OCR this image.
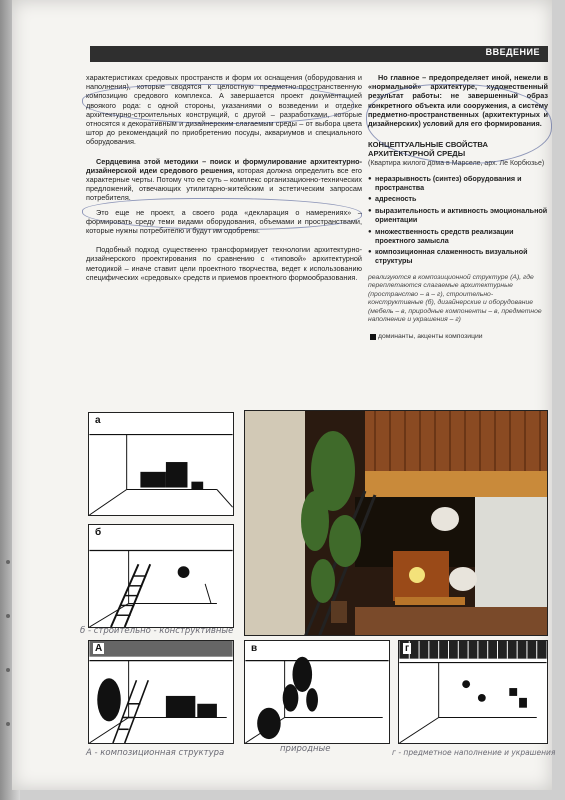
ВВЕДЕНИЕ

характеристиках средовых пространств и форм их оснащения (оборудования и наполнения), которые сводятся к целостную предметно-пространственную композицию средового комплекса. А завершается проект документацией двоякого рода: с одной стороны, указаниями о возведении и отделке архитектурно-строительных конструкций, с другой – разработками, которые относятся к декоративным и дизайнерским слагаемым среды – от выбора цвета штор до рекомендаций по приобретению посуды, аквариумов и специального оборудования.

Сердцевина этой методики – поиск и формулирование архитектурно-дизайнерской идеи средового решения, которая должна определить все его характерные черты. Потому что ее суть – комплекс организационно-технических предложений, отвечающих утилитарно-житейским и эстетическим запросам потребителя.

Это еще не проект, а своего рода «декларация о намерениях» – формировать среду теми видами оборудования, объемами и пространствами, которые нужны потребителю и будут им одобрены.

Подобный подход существенно трансформирует технологии архитектурно-дизайнерского проектирования по сравнению с «типовой» архитектурной методикой – иначе ставит цели проектного творчества, ведет к использованию специфических «средовых» средств и приемов проектного формообразования.

Но главное – предопределяет иной, нежели в «нормальной» архитектуре, художественный результат работы: не завершенный образ конкретного объекта или сооружения, а систему предметно-пространственных (архитектурных и дизайнерских) условий для его формирования.

КОНЦЕПТУАЛЬНЫЕ СВОЙСТВА АРХИТЕКТУРНОЙ СРЕДЫ
(Квартира жилого дома в Марселе, арх. Ле Корбюзье)
● неразрывность (синтез) оборудования и пространства
● адресность
● выразительность и активность эмоциональной ориентации
● множественность средств реализации проектного замысла
● композиционная слаженность визуальной структуры
реализуются в композиционной структуре (А), где переплетаются слагаемые архитектурные (пространство – а – г), строительно-конструктивные (б), дизайнерские и оборудование (мебель – в, природные компоненты – в, предметное наполнение и украшения – г)
доминанты, акценты композиции
а
б
б - строительно - конструктивные
А	в	г
А - композиционная структура	природные	г - предметное наполнение и украшения
